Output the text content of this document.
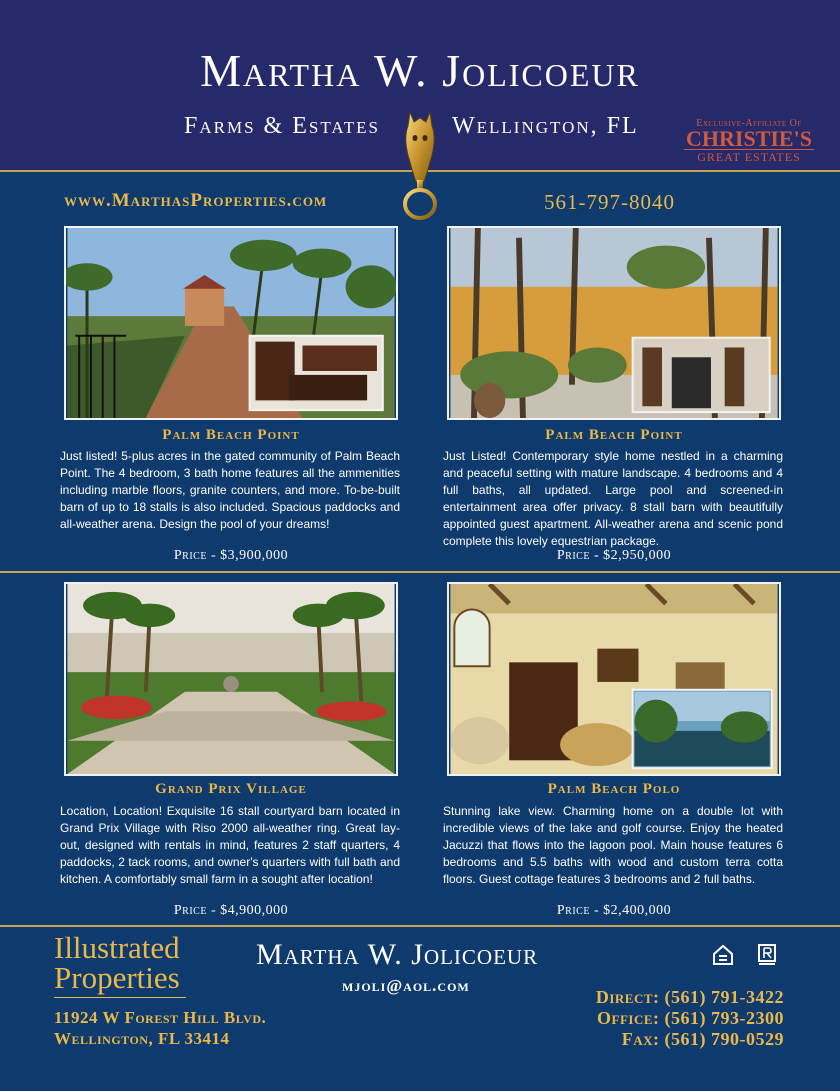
Martha W. Jolicoeur
Farms & Estates	Wellington, FL	Exclusive-Affiliate Of
CHRISTIE'S
GREAT ESTATES
www.MarthasProperties.com	561-797-8040
Palm Beach Point
Just listed! 5-plus acres in the gated community of Palm Beach Point. The 4 bedroom, 3 bath home features all the ammenities including marble floors, granite counters, and more. To-be-built barn of up to 18 stalls is also included. Spacious paddocks and all-weather arena. Design the pool of your dreams!
Price - $3,900,000
Palm Beach Point
Just Listed! Contemporary style home nestled in a charming and peaceful setting with mature landscape. 4 bedrooms and 4 full baths, all updated. Large pool and screened-in entertainment area offer privacy. 8 stall barn with beautifully appointed guest apartment. All-weather arena and scenic pond complete this lovely equestrian package.
Price - $2,950,000
Grand Prix Village
Location, Location! Exquisite 16 stall courtyard barn located in Grand Prix Village with Riso 2000 all-weather ring. Great lay-out, designed with rentals in mind, features 2 staff quarters, 4 paddocks, 2 tack rooms, and owner's quarters with full bath and kitchen. A comfortably small farm in a sought after location!
Price - $4,900,000
Palm Beach Polo
Stunning lake view. Charming home on a double lot with incredible views of the lake and golf course. Enjoy the heated Jacuzzi that flows into the lagoon pool. Main house features 6 bedrooms and 5.5 baths with wood and custom terra cotta floors. Guest cottage features 3 bedrooms and 2 full baths.
Price - $2,400,000
Illustrated
Properties
11924 W Forest Hill Blvd.
Wellington, FL 33414
Martha W. Jolicoeur
mjoli@aol.com
Direct: (561) 791-3422
Office: (561) 793-2300
Fax: (561) 790-0529
